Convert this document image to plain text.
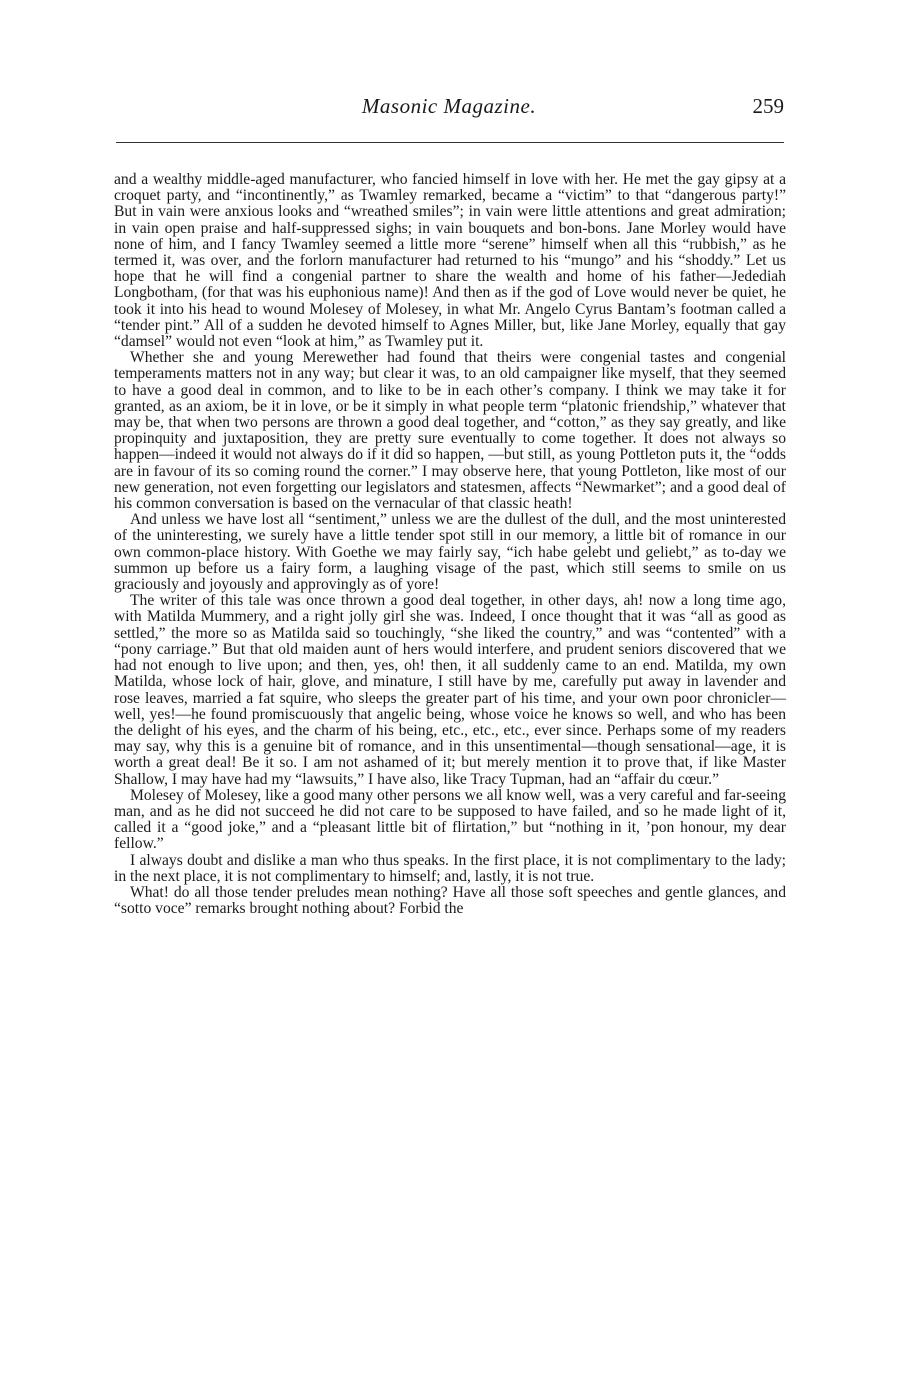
Masonic Magazine.	259

and a wealthy middle-aged manufacturer, who fancied himself in love with her. He met the gay gipsy at a croquet party, and “incontinently,” as Twamley remarked, became a “victim” to that “dangerous party!” But in vain were anxious looks and “wreathed smiles”; in vain were little attentions and great admiration; in vain open praise and half-suppressed sighs; in vain bouquets and bon-bons. Jane Morley would have none of him, and I fancy Twamley seemed a little more “serene” himself when all this “rubbish,” as he termed it, was over, and the forlorn manufacturer had returned to his “mungo” and his “shoddy.” Let us hope that he will find a congenial partner to share the wealth and home of his father—Jedediah Longbotham, (for that was his euphonious name)! And then as if the god of Love would never be quiet, he took it into his head to wound Molesey of Molesey, in what Mr. Angelo Cyrus Bantam’s footman called a “tender pint.” All of a sudden he devoted himself to Agnes Miller, but, like Jane Morley, equally that gay “damsel” would not even “look at him,” as Twamley put it.

Whether she and young Merewether had found that theirs were congenial tastes and congenial temperaments matters not in any way; but clear it was, to an old campaigner like myself, that they seemed to have a good deal in common, and to like to be in each other’s company. I think we may take it for granted, as an axiom, be it in love, or be it simply in what people term “platonic friendship,” whatever that may be, that when two persons are thrown a good deal together, and “cotton,” as they say greatly, and like propinquity and juxtaposition, they are pretty sure eventually to come together. It does not always so happen—indeed it would not always do if it did so happen, —but still, as young Pottleton puts it, the “odds are in favour of its so coming round the corner.” I may observe here, that young Pottleton, like most of our new generation, not even forgetting our legislators and statesmen, affects “Newmarket”; and a good deal of his common conversation is based on the vernacular of that classic heath!

And unless we have lost all “sentiment,” unless we are the dullest of the dull, and the most uninterested of the uninteresting, we surely have a little tender spot still in our memory, a little bit of romance in our own common-place history. With Goethe we may fairly say, “ich habe gelebt und geliebt,” as to-day we summon up before us a fairy form, a laughing visage of the past, which still seems to smile on us graciously and joyously and approvingly as of yore!

The writer of this tale was once thrown a good deal together, in other days, ah! now a long time ago, with Matilda Mummery, and a right jolly girl she was. Indeed, I once thought that it was “all as good as settled,” the more so as Matilda said so touchingly, “she liked the country,” and was “contented” with a “pony carriage.” But that old maiden aunt of hers would interfere, and prudent seniors discovered that we had not enough to live upon; and then, yes, oh! then, it all suddenly came to an end. Matilda, my own Matilda, whose lock of hair, glove, and minature, I still have by me, carefully put away in lavender and rose leaves, married a fat squire, who sleeps the greater part of his time, and your own poor chronicler—well, yes!—he found promiscuously that angelic being, whose voice he knows so well, and who has been the delight of his eyes, and the charm of his being, etc., etc., etc., ever since. Perhaps some of my readers may say, why this is a genuine bit of romance, and in this unsentimental—though sensational—age, it is worth a great deal! Be it so. I am not ashamed of it; but merely mention it to prove that, if like Master Shallow, I may have had my “lawsuits,” I have also, like Tracy Tupman, had an “affair du cœur.”

Molesey of Molesey, like a good many other persons we all know well, was a very careful and far-seeing man, and as he did not succeed he did not care to be supposed to have failed, and so he made light of it, called it a “good joke,” and a “pleasant little bit of flirtation,” but “nothing in it, ’pon honour, my dear fellow.”

I always doubt and dislike a man who thus speaks. In the first place, it is not complimentary to the lady; in the next place, it is not complimentary to himself; and, lastly, it is not true.

What! do all those tender preludes mean nothing? Have all those soft speeches and gentle glances, and “sotto voce” remarks brought nothing about? Forbid the
